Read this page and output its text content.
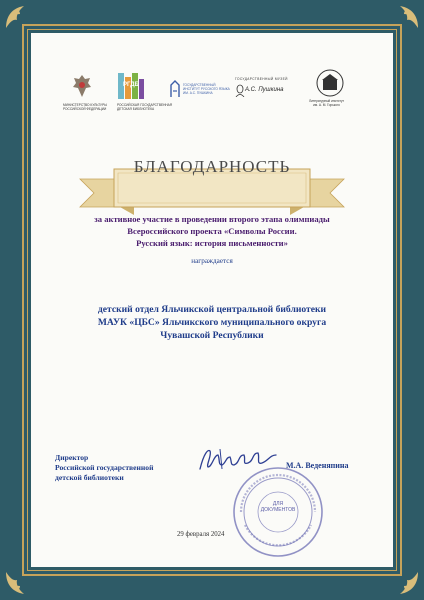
МИНИСТЕРСТВО КУЛЬТУРЫ
РОССИЙСКОЙ ФЕДЕРАЦИИ
РГДБ
РОССИЙСКАЯ ГОСУДАРСТВЕННАЯ
ДЕТСКАЯ БИБЛИОТЕКА
ГОСУДАРСТВЕННЫЙ
ИНСТИТУТ РУССКОГО ЯЗЫКА
ИМ. А.С. ПУШКИНА
ГОСУДАРСТВЕННЫЙ МУЗЕЙ
А.С. Пушкина
Литературный институт
им. А. М. Горького
БЛАГОДАРНОСТЬ
за активное участие в проведении второго этапа олимпиады
Всероссийского проекта «Символы России.
Русский язык: история письменности»
награждается
детский отдел Яльчикской центральной библиотеки
МАУК «ЦБС» Яльчикского муниципального округа
Чувашской Республики
Директор
Российской государственной
детской библиотеки
ДЛЯ
ДОКУМЕНТОВ
М.А. Веденяпина
29 февраля 2024
